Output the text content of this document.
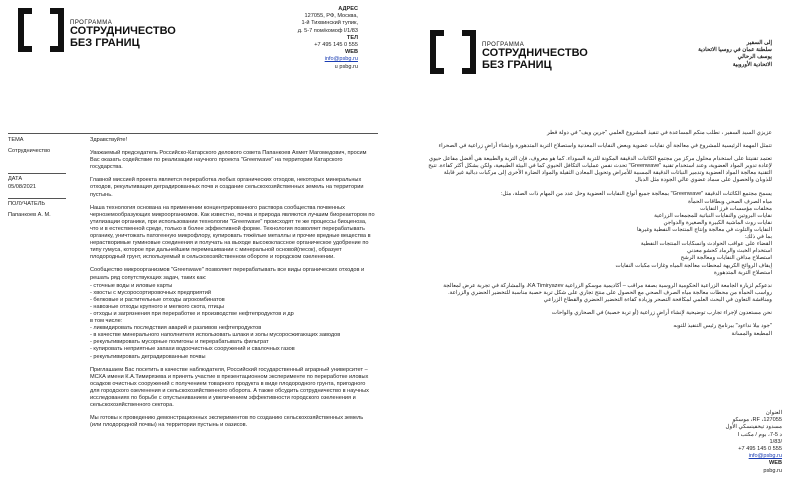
ПРОГРАММА
СОТРУДНИЧЕСТВО
БЕЗ ГРАНИЦ
АДРЕС
127055, РФ, Москва,
1-й Тихвинский тупик,
д. 5-7 пом/комоф I/1/83
ТЕЛ
+7 495 145 0 555
WEB
info@psbg.ru
u psbg.ru
ТЕМА
Сотрудничество
ДАТА
05/08/2021
ПОЛУЧАТЕЛЬ
Папанкоев А. М.

Здравствуйте!

Уважаемый председатель Российско-Катарского делового совета Папанкоев Ахмет Магомедович, просим Вас оказать содействие по реализации научного проекта "Greenwave" на территории Катарского государства.

Главной миссией проекта является переработка любых органических отходов, некоторых минеральных отходов, рекультивация деградированных почв и создание сельскохозяйственных земель на территории пустынь.

Наша технология основана на применении концентрированного раствора сообщества почвенных черноземообразующих микроорганизмов. Как известно, почва и природа являются лучшим биореактором по утилизации органики, при использовании технологии "Greenwave" происходят те же процессы биоценоза, что и в естественной среде, только в более эффективной форме. Технология позволяет перерабатывать органику, уничтожать патогенную микрофлору, купировать тяжёлые металлы и прочие вредные вещества в нерастворимые гуминовые соединения и получать на выходе высококлассное органическое удобрение по типу гумуса, которое при дальнейшем перемешивании с минеральной основой(песок), образует плодородный грунт, используемый в сельскохозяйственном обороте и городском озеленении.

Сообщество микроорганизмов "Greenwave" позволяет перерабатывать все виды органических отходов и решать ряд сопутствующих задач, таких как:

- сточные воды и иловые карты
- хвосты с мусоросортировочных предприятий
- белковые и растительные отходы агрокомбинатов
- навозные отходы крупного и мелкого скота, птицы
- отходы и загрязнения при переработке и производстве нефтепродуктов и др
в том числе:
- ликвидировать последствия аварий и разливов нефтепродуктов
- в качестве минерального наполнителя использовать шлаки и золы мусоросжигающих заводов
- рекультивировать мусорные полигоны и перерабатывать фильтрат
- купировать неприятные запахи водоочистных сооружений и свалочных газов
- рекультивировать деградированные почвы

Приглашаем Вас посетить в качестве наблюдателя, Российский государственный аграрный университет – МСХА имени К.А.Тимирязева и принять участие в презентационном эксперименте по переработке иловых осадков очистных сооружений с получением товарного продукта в виде плодородного грунта, пригодного для городского озеленения и сельскохозяйственного оборота. А также обсудить сотрудничество в научных исследованиях по борьбе с опустыниванием и увеличением эффективности городского озеленения и сельскохозяйственного сектора.

Мы готовы к проведению демонстрационных экспериментов по созданию сельскохозяйственных земель (или плодородной почвы) на территории пустынь и оазисов.

ПРОГРАММА
СОТРУДНИЧЕСТВО
БЕЗ ГРАНИЦ
إلى السفير
سلطنة عمان في روسيا الاتحادية
يوسف الرحالي
الاتحادية الأوروبية

عزيزي السيد السفير ، نطلب منكم المساعدة في تنفيذ المشروع العلمي "جرين ويف" في دولة قطر

تتمثل المهمة الرئيسية للمشروع في معالجة أي نفايات عضوية وبعض النفايات المعدنية واستصلاح التربة المتدهورة وإنشاء أراضٍ زراعية في الصحراء

تعتمد تقنيتنا على استخدام محلول مركز من مجتمع الكائنات الدقيقة المكونة للتربة السوداء. كما هو معروف، فإن التربة والطبيعة هي أفضل مفاعل حيوي لإعادة تدوير المواد العضوية، وعند استخدام تقنية "Greenwave" تحدث نفس عمليات التكافل الحيوي كما في البيئة الطبيعية، ولكن بشكل أكثر كفاءة. تتيح التقنية معالجة المواد العضوية وتدمير النباتات الدقيقة المسببة للأمراض وتحويل المعادن الثقيلة والمواد الضارة الأخرى إلى مركبات دبالية غير قابلة للذوبان والحصول على سماد عضوي عالي الجودة مثل الدبال

يسمح مجتمع الكائنات الدقيقة "Greenwave" بمعالجة جميع أنواع النفايات العضوية وحل عدد من المهام ذات الصلة، مثل:

مياه الصرف الصحي وبطاقات الحمأة
مخلفات مؤسسات فرز النفايات
نفايات البروتين والنفايات النباتية للمجمعات الزراعية
نفايات روث الماشية الكبيرة والصغيرة والدواجن
النفايات والتلوث في معالجة وإنتاج المنتجات النفطية وغيرها
بما في ذلك:
القضاء على عواقب الحوادث وانسكابات المنتجات النفطية
استخدام الخبث والرماد كحشو معدني
استصلاح مدافن النفايات ومعالجة الرشح
إيقاف الروائح الكريهة لمحطات معالجة المياه وغازات مكبات النفايات
استصلاح التربة المتدهورة

ندعوكم لزيارة الجامعة الزراعية الحكومية الروسية بصفة مراقب – أكاديمية موسكو الزراعية KA Timiryazev، والمشاركة في تجربة عرض لمعالجة رواسب الحمأة من محطات معالجة مياه الصرف الصحي مع الحصول على منتج تجاري على شكل تربة خصبة مناسبة للتخضير الحضري والزراعة. ومناقشة التعاون في البحث العلمي لمكافحة التصحر وزيادة كفاءة التخضير الحضري والقطاع الزراعي

نحن مستعدون لإجراء تجارب توضيحية لإنشاء أراضٍ زراعية (أو تربة خصبة) في الصحاري والواحات

"جود بيلا نداءود" بيرنامج رئيس التنفيذ للتوبه

المطبعة والمسانة

العنوان
127055، RF، موسكو
مسدود تيخفينسكي الأول
د 5-7، بوم / مكتب I
/1/83
+7 495 145 0 555
info@psbg.ru
WEB
psbg.ru
